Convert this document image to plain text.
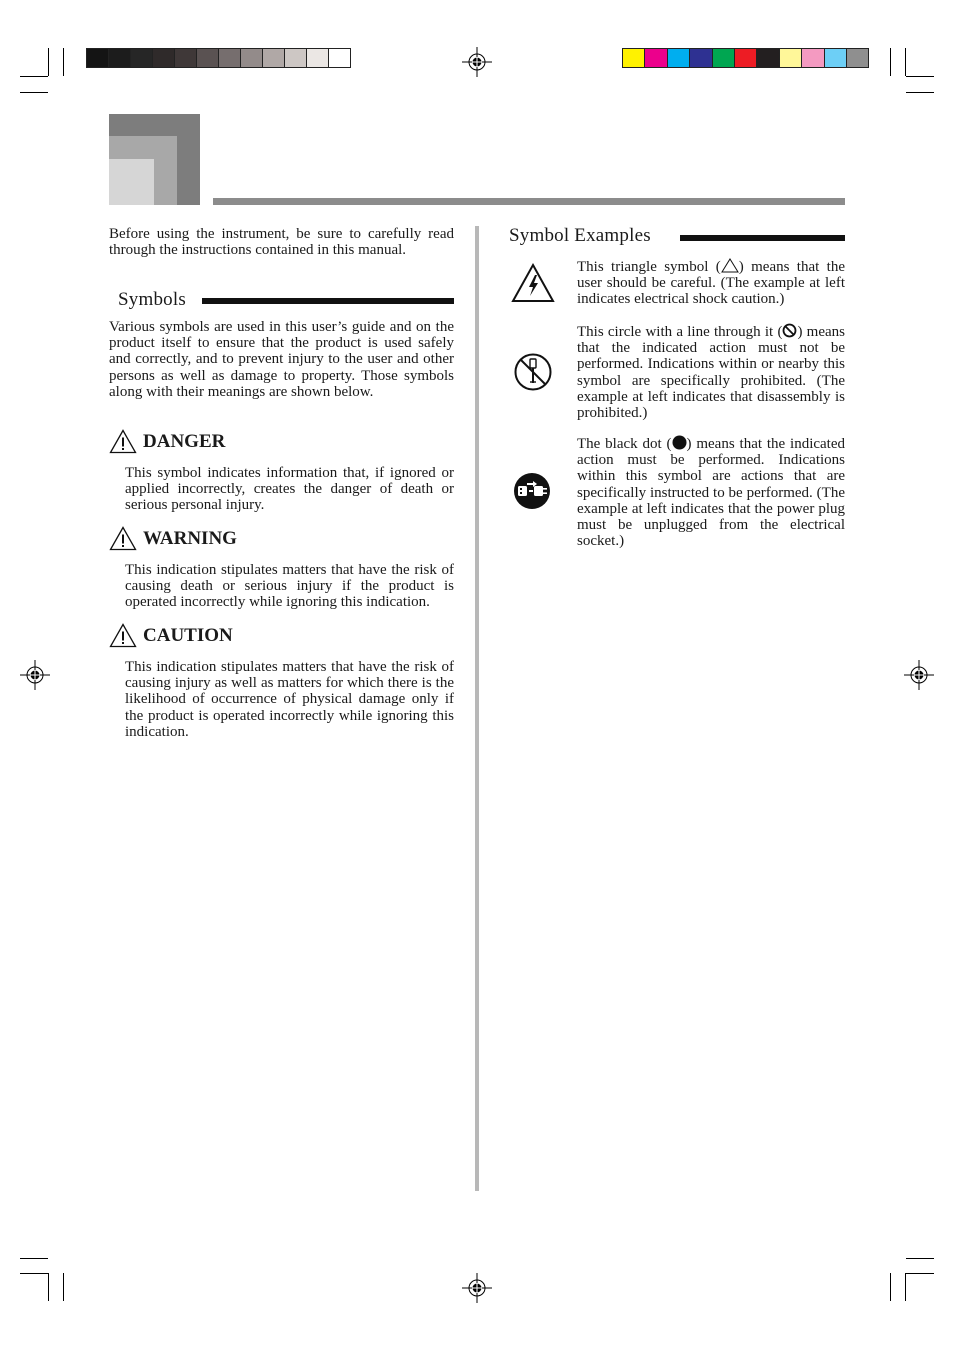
Before using the instrument, be sure to carefully read through the instructions contained in this manual.

Symbols

Various symbols are used in this user’s guide and on the product itself to ensure that the product is used safely and correctly, and to prevent injury to the user and other persons as well as damage to property. Those symbols along with their meanings are shown below.

DANGER

This symbol indicates information that, if ignored or applied incorrectly, creates the danger of death or serious personal injury.

WARNING

This indication stipulates matters that have the risk of causing death or serious injury if the product is operated incorrectly while ignoring this indication.

CAUTION

This indication stipulates matters that have the risk of causing injury as well as matters for which there is the likelihood of occurrence of physical damage only if the product is operated incorrectly while ignoring this indication.

Symbol Examples

This triangle symbol ( ) means that the user should be careful. (The example at left indicates electrical shock caution.)

This circle with a line through it ( ) means that the indicated action must not be performed. Indications within or nearby this symbol are specifically prohibited. (The example at left indicates that disassembly is prohibited.)

The black dot ( ) means that the indicated action must be performed. Indications within this symbol are actions that are specifically instructed to be performed. (The example at left indicates that the power plug must be unplugged from the electrical socket.)
